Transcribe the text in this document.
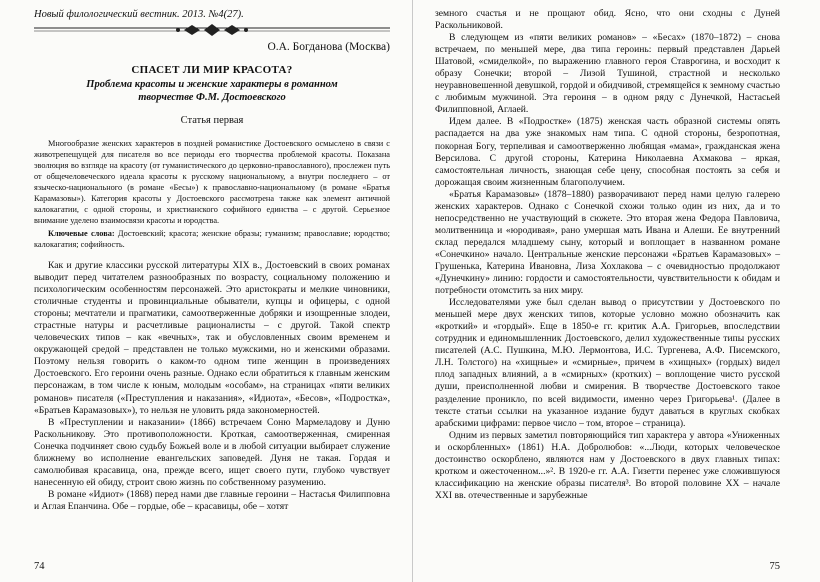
Новый филологический вестник. 2013. №4(27).
О.А. Богданова (Москва)
СПАСЕТ ЛИ МИР КРАСОТА?
Проблема красоты и женские характеры в романном творчестве Ф.М. Достоевского
Статья первая

Многообразие женских характеров в поздней романистике Достоевского осмыслено в связи с животрепещущей для писателя во все периоды его творчества проблемой красоты. Показана эволюция во взгляде на красоту (от гуманистического до церковно-православного), прослежен путь от общечеловеческого идеала красоты к русскому национальному, а внутри последнего – от языческо-национального (в романе «Бесы») к православно-национальному (в романе «Братья Карамазовы»). Категория красоты у Достоевского рассмотрена также как элемент античной калокагатии, с одной стороны, и христианского софийного единства – с другой. Серьезное внимание уделено взаимосвязи красоты и юродства.

Ключевые слова: Достоевский; красота; женские образы; гуманизм; православие; юродство; калокагатия; софийность.

Как и другие классики русской литературы XIX в., Достоевский в своих романах выводит перед читателем разнообразных по возрасту, социальному положению и психологическим особенностям персонажей. Это аристократы и мелкие чиновники, столичные студенты и провинциальные обыватели, купцы и офицеры, с одной стороны; мечтатели и прагматики, самоотверженные добряки и изощренные злодеи, страстные натуры и расчетливые рационалисты – с другой. Такой спектр человеческих типов – как «вечных», так и обусловленных своим временем и окружающей средой – представлен не только мужскими, но и женскими образами. Поэтому нельзя говорить о каком-то одном типе женщин в произведениях Достоевского. Его героини очень разные. Однако если обратиться к главным женским персонажам, в том числе к юным, молодым «особам», на страницах «пяти великих романов» писателя («Преступления и наказания», «Идиота», «Бесов», «Подростка», «Братьев Карамазовых»), то нельзя не уловить ряда закономерностей.

В «Преступлении и наказании» (1866) встречаем Соню Мармеладову и Дуню Раскольникову. Это противоположности. Кроткая, самоотверженная, смиренная Сонечка подчиняет свою судьбу Божьей воле и в любой ситуации выбирает служение ближнему во исполнение евангельских заповедей. Дуня не такая. Гордая и самолюбивая красавица, она, прежде всего, ищет своего пути, глубоко чувствует нанесенную ей обиду, строит свою жизнь по собственному разумению.

В романе «Идиот» (1868) перед нами две главные героини – Настасья Филипповна и Аглая Епанчина. Обе – гордые, обе – красавицы, обе – хотят

74

земного счастья и не прощают обид. Ясно, что они сходны с Дуней Раскольниковой.

В следующем из «пяти великих романов» – «Бесах» (1870–1872) – снова встречаем, по меньшей мере, два типа героинь: первый представлен Дарьей Шатовой, «смиделкой», по выражению главного героя Ставрогина, и восходит к образу Сонечки; второй – Лизой Тушиной, страстной и несколько неуравновешенной девушкой, гордой и обидчивой, стремящейся к земному счастью с любимым мужчиной. Эта героиня – в одном ряду с Дунечкой, Настасьей Филипповной, Аглаей.

Идем далее. В «Подростке» (1875) женская часть образной системы опять распадается на два уже знакомых нам типа. С одной стороны, безропотная, покорная Богу, терпеливая и самоотверженно любящая «мама», гражданская жена Версилова. С другой стороны, Катерина Николаевна Ахмакова – яркая, самостоятельная личность, знающая себе цену, способная постоять за себя и дорожащая своим жизненным благополучием.

«Братья Карамазовы» (1878–1880) разворачивают перед нами целую галерею женских характеров. Однако с Сонечкой схожи только один из них, да и то непосредственно не участвующий в сюжете. Это вторая жена Федора Павловича, молитвенница и «юродивая», рано умершая мать Ивана и Алеши. Ее внутренний склад передался младшему сыну, который и воплощает в названном романе «Сонечкино» начало. Центральные женские персонажи «Братьев Карамазовых» – Грушенька, Катерина Ивановна, Лиза Хохлакова – с очевидностью продолжают «Дунечкину» линию: гордости и самостоятельности, чувствительности к обидам и потребности отомстить за них миру.

Исследователями уже был сделан вывод о присутствии у Достоевского по меньшей мере двух женских типов, которые условно можно обозначить как «кроткий» и «гордый». Еще в 1850-е гг. критик А.А. Григорьев, впоследствии сотрудник и единомышленник Достоевского, делил художественные типы русских писателей (А.С. Пушкина, М.Ю. Лермонтова, И.С. Тургенева, А.Ф. Писемского, Л.Н. Толстого) на «хищные» и «смирные», причем в «хищных» (гордых) видел плод западных влияний, а в «смирных» (кротких) – воплощение чисто русской души, преисполненной любви и смирения. В творчестве Достоевского такое разделение проникло, по всей видимости, именно через Григорьева¹. (Далее в тексте статьи ссылки на указанное издание будут даваться в круглых скобках арабскими цифрами: первое число – том, второе – страница).

Одним из первых заметил повторяющийся тип характера у автора «Униженных и оскорбленных» (1861) Н.А. Добролюбов: «...Люди, которых человеческое достоинство оскорблено, являются нам у Достоевского в двух главных типах: кротком и ожесточенном...»². В 1920-е гг. А.А. Гизетти перенес уже сложившуюся классификацию на женские образы писателя³. Во второй половине XX – начале XXI вв. отечественные и зарубежные

75
